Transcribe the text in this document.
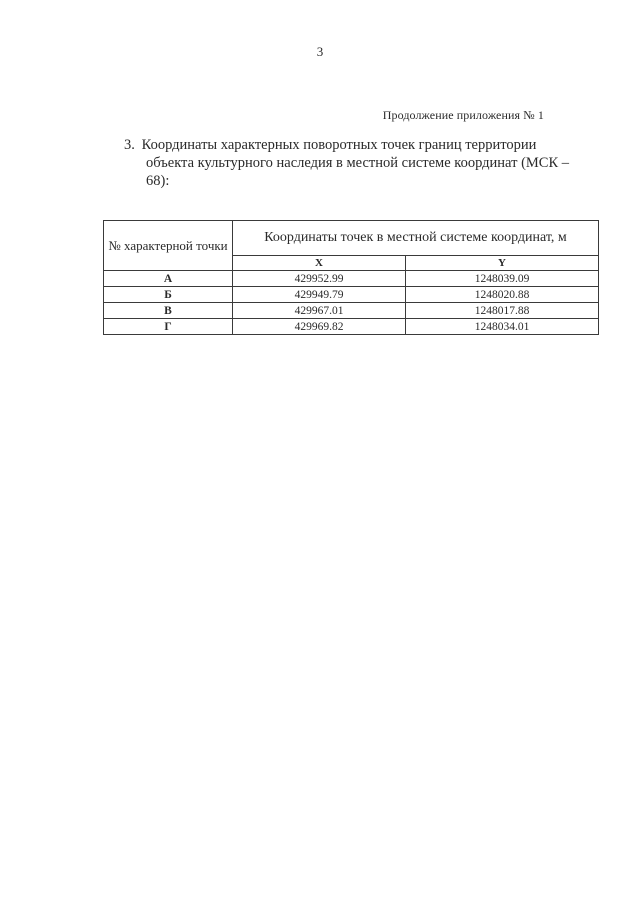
3
Продолжение приложения № 1
3. Координаты характерных поворотных точек границ территории
объекта культурного наследия в местной системе координат (МСК –
68):
№ характерной точки	Координаты точек в местной системе координат, м	
	X	Y
А	429952.99	1248039.09
Б	429949.79	1248020.88
В	429967.01	1248017.88
Г	429969.82	1248034.01
